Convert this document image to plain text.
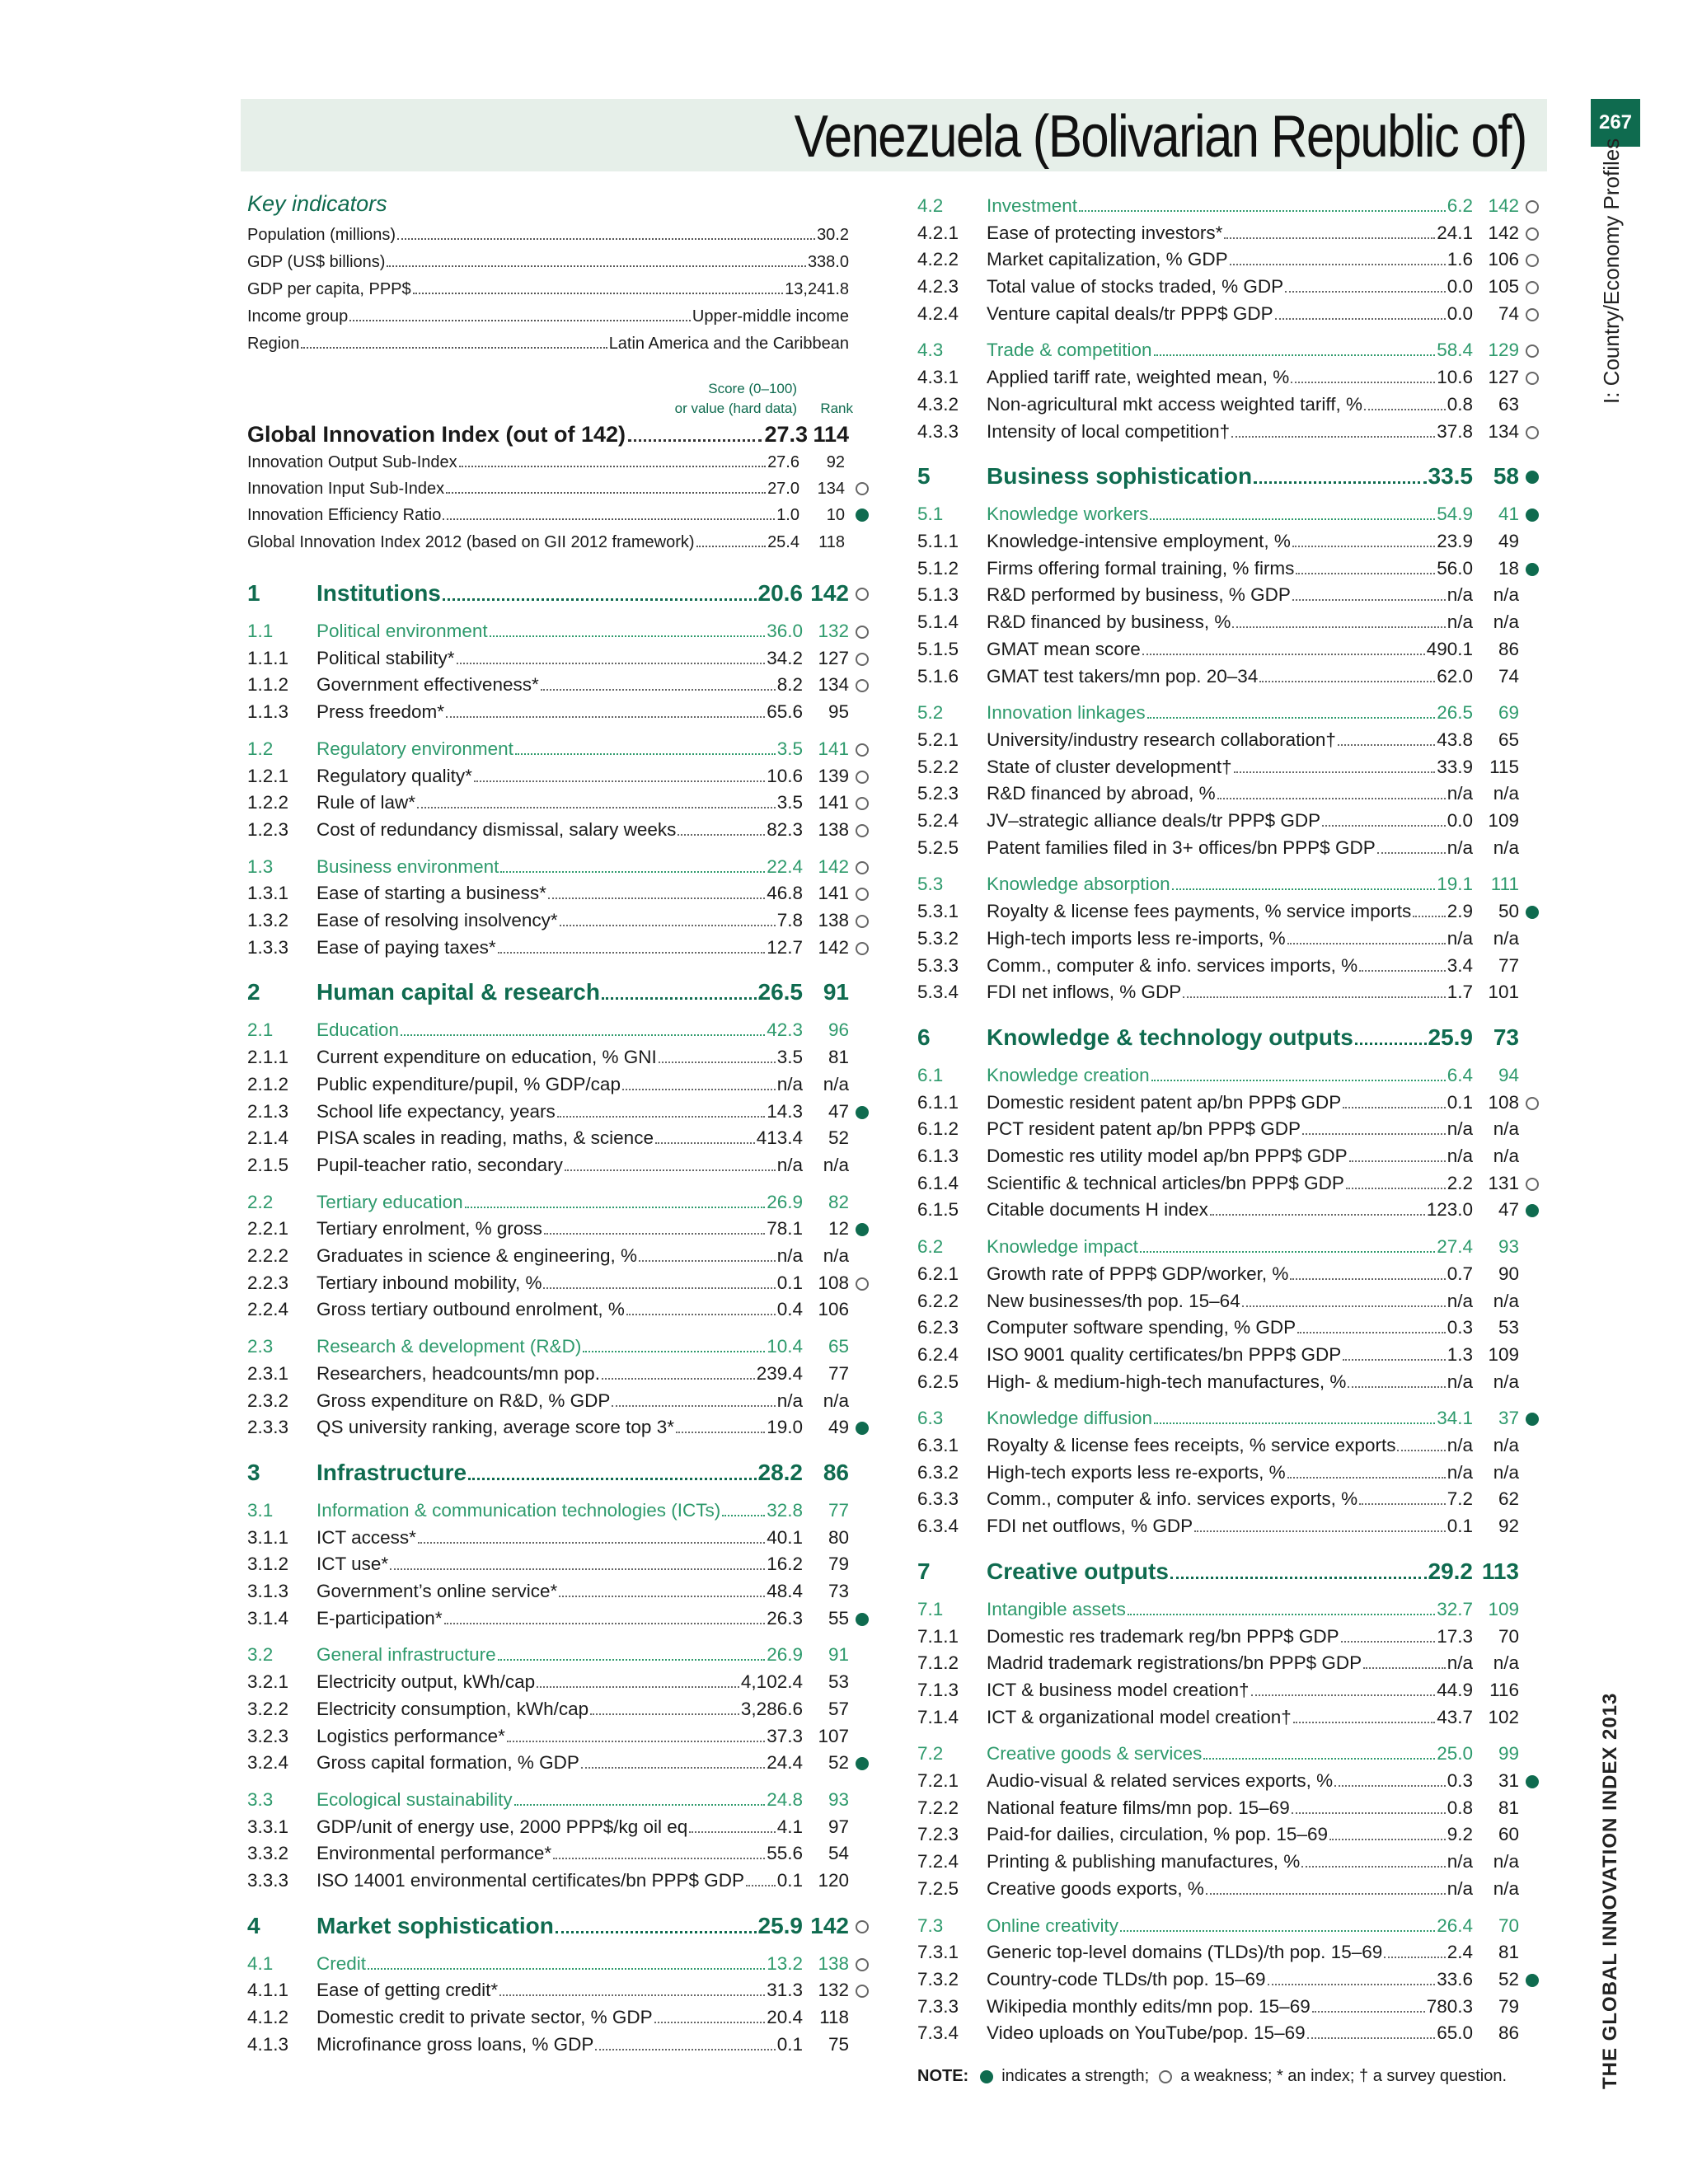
Venezuela (Bolivarian Republic of)	267
I: Country/Economy Profiles
THE GLOBAL INNOVATION INDEX 2013
Key indicators
Population (millions)	30.2
GDP (US$ billions)	338.0
GDP per capita, PPP$	13,241.8
Income group	Upper-middle income
Region	Latin America and the Caribbean
Score (0–100)
or value (hard data)	Rank
Global Innovation Index (out of 142)	27.3 114
Innovation Output Sub-Index	27.6 92
Innovation Input Sub-Index	27.0 134
Innovation Efficiency Ratio	1.0 10
Global Innovation Index 2012 (based on GII 2012 framework)	25.4 118
1 Institutions	20.6 142
1.1 Political environment	36.0 132
1.1.1 Political stability*	34.2 127
1.1.2 Government effectiveness*	8.2 134
1.1.3 Press freedom*	65.6	95
1.2 Regulatory environment	3.5 141
1.2.1 Regulatory quality*	10.6 139
1.2.2 Rule of law*	3.5 141
1.2.3 Cost of redundancy dismissal, salary weeks	82.3 138
1.3 Business environment	22.4 142
1.3.1 Ease of starting a business*	46.8 141
1.3.2 Ease of resolving insolvency*	7.8 138
1.3.3 Ease of paying taxes*	12.7 142
2 Human capital & research	26.5 91
2.1 Education	42.3	96
2.1.1 Current expenditure on education, % GNI	3.5	81
2.1.2 Public expenditure/pupil, % GDP/cap	n/a	n/a
2.1.3 School life expectancy, years	14.3	47
2.1.4 PISA scales in reading, maths, & science	413.4	52
2.1.5 Pupil-teacher ratio, secondary	n/a	n/a
2.2 Tertiary education	26.9	82
2.2.1 Tertiary enrolment, % gross	78.1	12
2.2.2 Graduates in science & engineering, %	n/a	n/a
2.2.3 Tertiary inbound mobility, %	0.1 108
2.2.4 Gross tertiary outbound enrolment, %	0.4 106
2.3 Research & development (R&D)	10.4	65
2.3.1 Researchers, headcounts/mn pop.	239.4	77
2.3.2 Gross expenditure on R&D, % GDP	n/a	n/a
2.3.3 QS university ranking, average score top 3*	19.0	49
3 Infrastructure	28.2 86
3.1 Information & communication technologies (ICTs) 32.8	77
3.1.1 ICT access*	40.1	80
3.1.2 ICT use*	16.2	79
3.1.3 Government’s online service*	48.4	73
3.1.4 E-participation*	26.3	55
3.2 General infrastructure	26.9	91
3.2.1 Electricity output, kWh/cap	4,102.4	53
3.2.2 Electricity consumption, kWh/cap	3,286.6	57
3.2.3 Logistics performance*	37.3 107
3.2.4 Gross capital formation, % GDP	24.4	52
3.3 Ecological sustainability	24.8	93
3.3.1 GDP/unit of energy use, 2000 PPP$/kg oil eq	4.1	97
3.3.2 Environmental performance*	55.6	54
3.3.3 ISO 14001 environmental certificates/bn PPP$ GDP 0.1 120
4 Market sophistication	25.9 142
4.1 Credit	13.2 138
4.1.1 Ease of getting credit*	31.3 132
4.1.2 Domestic credit to private sector, % GDP	20.4 118
4.1.3 Microfinance gross loans, % GDP	0.1	75
4.2 Investment	6.2 142
4.2.1 Ease of protecting investors*	24.1 142
4.2.2 Market capitalization, % GDP	1.6 106
4.2.3 Total value of stocks traded, % GDP	0.0 105
4.2.4 Venture capital deals/tr PPP$ GDP	0.0	74
4.3 Trade & competition	58.4 129
4.3.1 Applied tariff rate, weighted mean, %	10.6 127
4.3.2 Non-agricultural mkt access weighted tariff, %	0.8	63
4.3.3 Intensity of local competition†	37.8 134
5 Business sophistication	33.5 58
5.1 Knowledge workers	54.9	41
5.1.1 Knowledge-intensive employment, %	23.9	49
5.1.2 Firms offering formal training, % firms	56.0	18
5.1.3 R&D performed by business, % GDP	n/a	n/a
5.1.4 R&D financed by business, %	n/a	n/a
5.1.5 GMAT mean score	490.1	86
5.1.6 GMAT test takers/mn pop. 20–34	62.0	74
5.2 Innovation linkages	26.5	69
5.2.1 University/industry research collaboration†	43.8	65
5.2.2 State of cluster development†	33.9 115
5.2.3 R&D financed by abroad, %	n/a	n/a
5.2.4 JV–strategic alliance deals/tr PPP$ GDP	0.0 109
5.2.5 Patent families filed in 3+ offices/bn PPP$ GDP	n/a	n/a
5.3 Knowledge absorption	19.1 111
5.3.1 Royalty & license fees payments, % service imports 2.9	50
5.3.2 High-tech imports less re-imports, %	n/a	n/a
5.3.3 Comm., computer & info. services imports, %	3.4	77
5.3.4 FDI net inflows, % GDP	1.7 101
6 Knowledge & technology outputs	25.9 73
6.1 Knowledge creation	6.4	94
6.1.1 Domestic resident patent ap/bn PPP$ GDP	0.1 108
6.1.2 PCT resident patent ap/bn PPP$ GDP	n/a	n/a
6.1.3 Domestic res utility model ap/bn PPP$ GDP	n/a	n/a
6.1.4 Scientific & technical articles/bn PPP$ GDP	2.2 131
6.1.5 Citable documents H index	123.0	47
6.2 Knowledge impact	27.4	93
6.2.1 Growth rate of PPP$ GDP/worker, %	0.7	90
6.2.2 New businesses/th pop. 15–64	n/a	n/a
6.2.3 Computer software spending, % GDP	0.3	53
6.2.4 ISO 9001 quality certificates/bn PPP$ GDP	1.3 109
6.2.5 High- & medium-high-tech manufactures, %	n/a	n/a
6.3 Knowledge diffusion	34.1	37
6.3.1 Royalty & license fees receipts, % service exports	n/a	n/a
6.3.2 High-tech exports less re-exports, %	n/a	n/a
6.3.3 Comm., computer & info. services exports, %	7.2	62
6.3.4 FDI net outflows, % GDP	0.1	92
7 Creative outputs	29.2 113
7.1 Intangible assets	32.7 109
7.1.1 Domestic res trademark reg/bn PPP$ GDP	17.3	70
7.1.2 Madrid trademark registrations/bn PPP$ GDP	n/a	n/a
7.1.3 ICT & business model creation†	44.9 116
7.1.4 ICT & organizational model creation†	43.7 102
7.2 Creative goods & services	25.0	99
7.2.1 Audio-visual & related services exports, %	0.3	31
7.2.2 National feature films/mn pop. 15–69	0.8	81
7.2.3 Paid-for dailies, circulation, % pop. 15–69	9.2	60
7.2.4 Printing & publishing manufactures, %	n/a	n/a
7.2.5 Creative goods exports, %	n/a	n/a
7.3 Online creativity	26.4	70
7.3.1 Generic top-level domains (TLDs)/th pop. 15–69	2.4	81
7.3.2 Country-code TLDs/th pop. 15–69	33.6	52
7.3.3 Wikipedia monthly edits/mn pop. 15–69	780.3	79
7.3.4 Video uploads on YouTube/pop. 15–69	65.0	86
NOTE: indicates a strength; a weakness; * an index; † a survey question.
